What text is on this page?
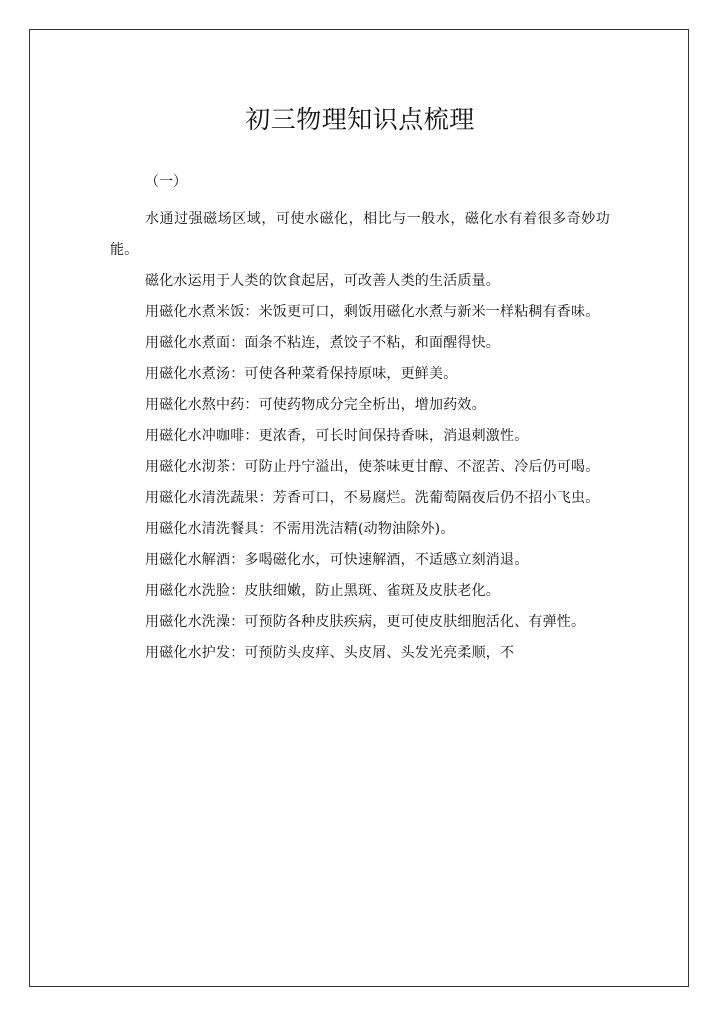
初三物理知识点梳理
（一）

水通过强磁场区域，可使水磁化，相比与一般水，磁化水有着很多奇妙功能。

磁化水运用于人类的饮食起居，可改善人类的生活质量。

用磁化水煮米饭：米饭更可口，剩饭用磁化水煮与新米一样粘稠有香味。

用磁化水煮面：面条不粘连，煮饺子不粘，和面醒得快。

用磁化水煮汤：可使各种菜肴保持原味，更鲜美。

用磁化水熬中药：可使药物成分完全析出，增加药效。

用磁化水冲咖啡：更浓香，可长时间保持香味，消退刺激性。

用磁化水沏茶：可防止丹宁溢出，使茶味更甘醇、不涩苦、冷后仍可喝。

用磁化水清洗蔬果：芳香可口，不易腐烂。洗葡萄隔夜后仍不招小飞虫。

用磁化水清洗餐具：不需用洗洁精(动物油除外)。

用磁化水解酒：多喝磁化水，可快速解酒，不适感立刻消退。

用磁化水洗脸：皮肤细嫩，防止黑斑、雀斑及皮肤老化。

用磁化水洗澡：可预防各种皮肤疾病，更可使皮肤细胞活化、有弹性。

用磁化水护发：可预防头皮痒、头皮屑、头发光亮柔顺，不
